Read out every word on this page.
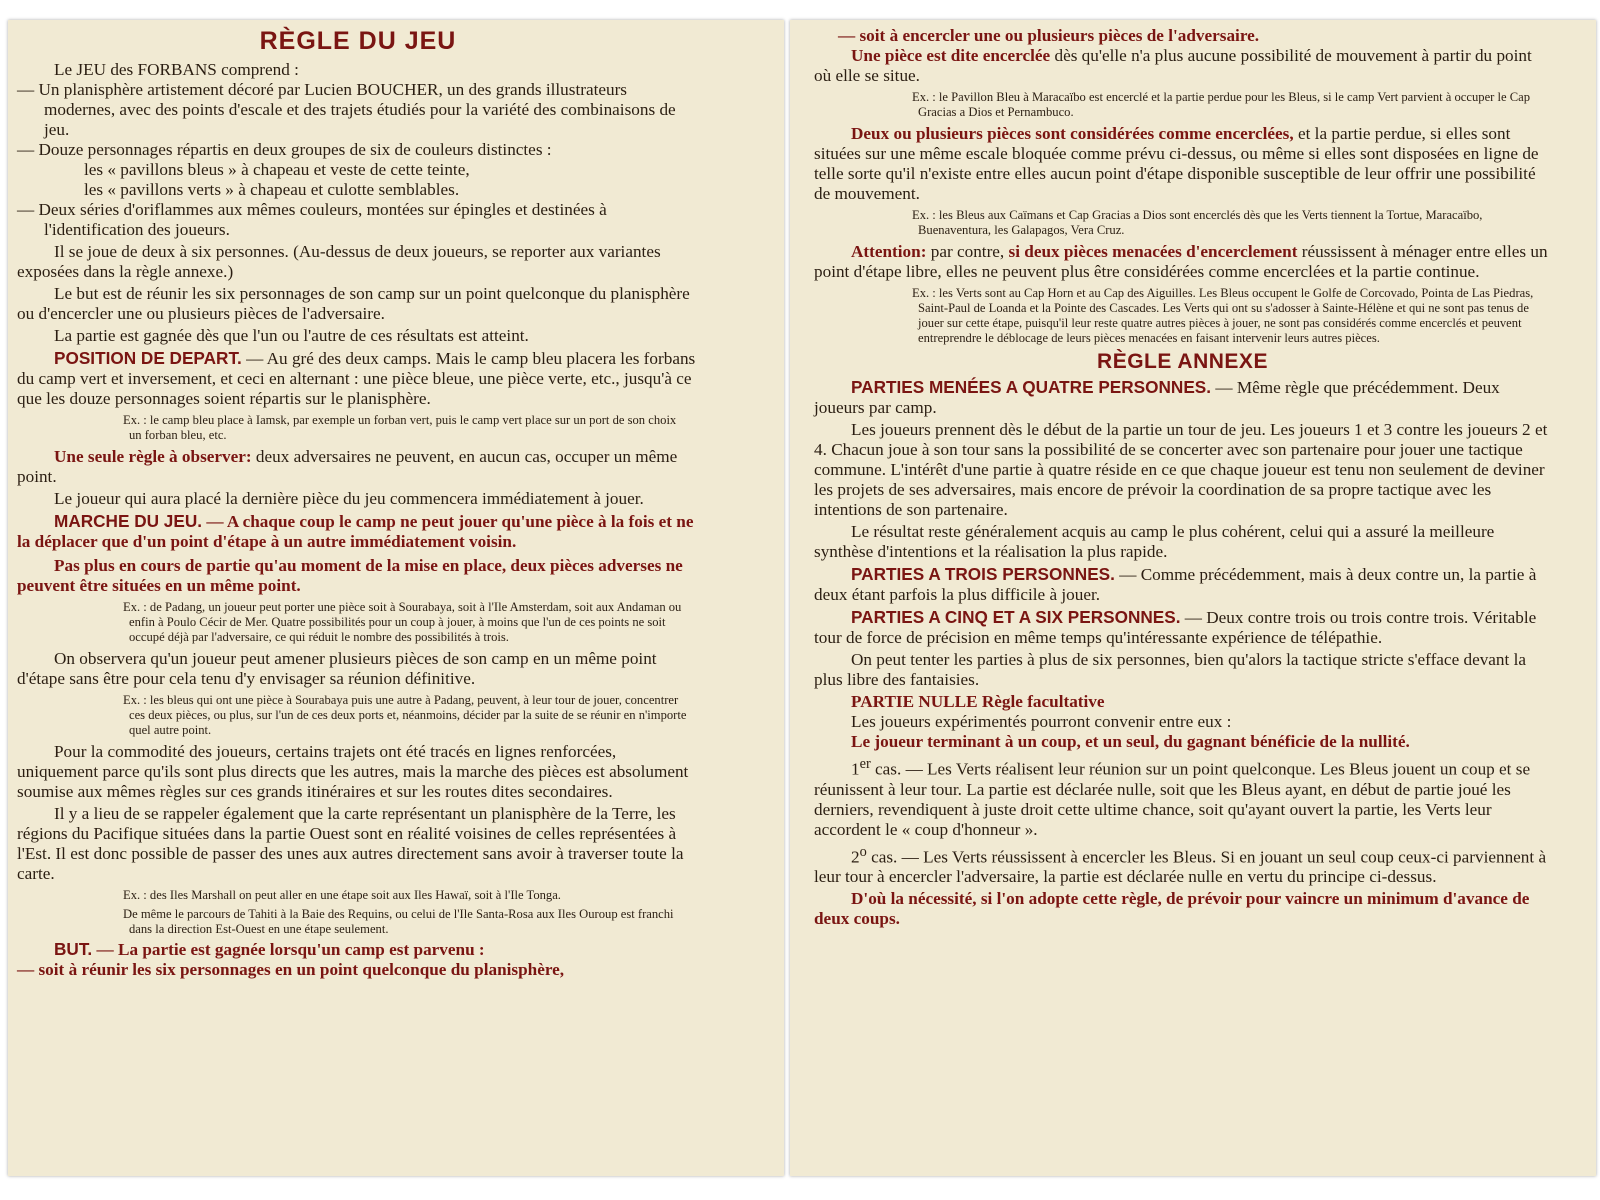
RÈGLE DU JEU

Le JEU des FORBANS comprend :

— Un planisphère artistement décoré par Lucien BOUCHER, un des grands illustrateurs modernes, avec des points d'escale et des trajets étudiés pour la variété des combinaisons de jeu.

— Douze personnages répartis en deux groupes de six de couleurs distinctes :

les « pavillons bleus » à chapeau et veste de cette teinte,

les « pavillons verts » à chapeau et culotte semblables.

— Deux séries d'oriflammes aux mêmes couleurs, montées sur épingles et destinées à l'identification des joueurs.

Il se joue de deux à six personnes. (Au-dessus de deux joueurs, se reporter aux variantes exposées dans la règle annexe.)

Le but est de réunir les six personnages de son camp sur un point quelconque du planisphère ou d'encercler une ou plusieurs pièces de l'adversaire.

La partie est gagnée dès que l'un ou l'autre de ces résultats est atteint.

POSITION DE DEPART. — Au gré des deux camps. Mais le camp bleu placera les forbans du camp vert et inversement, et ceci en alternant : une pièce bleue, une pièce verte, etc., jusqu'à ce que les douze personnages soient répartis sur le planisphère.

Ex. : le camp bleu place à Iamsk, par exemple un forban vert, puis le camp vert place sur un port de son choix un forban bleu, etc.

Une seule règle à observer: deux adversaires ne peuvent, en aucun cas, occuper un même point.

Le joueur qui aura placé la dernière pièce du jeu commencera immédiatement à jouer.

MARCHE DU JEU. — A chaque coup le camp ne peut jouer qu'une pièce à la fois et ne la déplacer que d'un point d'étape à un autre immédiatement voisin.

Pas plus en cours de partie qu'au moment de la mise en place, deux pièces adverses ne peuvent être situées en un même point.

Ex. : de Padang, un joueur peut porter une pièce soit à Sourabaya, soit à l'Ile Amsterdam, soit aux Andaman ou enfin à Poulo Cécir de Mer. Quatre possibilités pour un coup à jouer, à moins que l'un de ces points ne soit occupé déjà par l'adversaire, ce qui réduit le nombre des possibilités à trois.

On observera qu'un joueur peut amener plusieurs pièces de son camp en un même point d'étape sans être pour cela tenu d'y envisager sa réunion définitive.

Ex. : les bleus qui ont une pièce à Sourabaya puis une autre à Padang, peuvent, à leur tour de jouer, concentrer ces deux pièces, ou plus, sur l'un de ces deux ports et, néanmoins, décider par la suite de se réunir en n'importe quel autre point.

Pour la commodité des joueurs, certains trajets ont été tracés en lignes renforcées, uniquement parce qu'ils sont plus directs que les autres, mais la marche des pièces est absolument soumise aux mêmes règles sur ces grands itinéraires et sur les routes dites secondaires.

Il y a lieu de se rappeler également que la carte représentant un planisphère de la Terre, les régions du Pacifique situées dans la partie Ouest sont en réalité voisines de celles représentées à l'Est. Il est donc possible de passer des unes aux autres directement sans avoir à traverser toute la carte.

Ex. : des Iles Marshall on peut aller en une étape soit aux Iles Hawaï, soit à l'Ile Tonga.

De même le parcours de Tahiti à la Baie des Requins, ou celui de l'Ile Santa-Rosa aux Iles Ouroup est franchi dans la direction Est-Ouest en une étape seulement.

BUT. — La partie est gagnée lorsqu'un camp est parvenu :

— soit à réunir les six personnages en un point quelconque du planisphère,

— soit à encercler une ou plusieurs pièces de l'adversaire.

Une pièce est dite encerclée dès qu'elle n'a plus aucune possibilité de mouvement à partir du point où elle se situe.

Ex. : le Pavillon Bleu à Maracaïbo est encerclé et la partie perdue pour les Bleus, si le camp Vert parvient à occuper le Cap Gracias a Dios et Pernambuco.

Deux ou plusieurs pièces sont considérées comme encerclées, et la partie perdue, si elles sont situées sur une même escale bloquée comme prévu ci-dessus, ou même si elles sont disposées en ligne de telle sorte qu'il n'existe entre elles aucun point d'étape disponible susceptible de leur offrir une possibilité de mouvement.

Ex. : les Bleus aux Caïmans et Cap Gracias a Dios sont encerclés dès que les Verts tiennent la Tortue, Maracaïbo, Buenaventura, les Galapagos, Vera Cruz.

Attention: par contre, si deux pièces menacées d'encerclement réussissent à ménager entre elles un point d'étape libre, elles ne peuvent plus être considérées comme encerclées et la partie continue.

Ex. : les Verts sont au Cap Horn et au Cap des Aiguilles. Les Bleus occupent le Golfe de Corcovado, Pointa de Las Piedras, Saint-Paul de Loanda et la Pointe des Cascades. Les Verts qui ont su s'adosser à Sainte-Hélène et qui ne sont pas tenus de jouer sur cette étape, puisqu'il leur reste quatre autres pièces à jouer, ne sont pas considérés comme encerclés et peuvent entreprendre le déblocage de leurs pièces menacées en faisant intervenir leurs autres pièces.

RÈGLE ANNEXE

PARTIES MENÉES A QUATRE PERSONNES. — Même règle que précédemment. Deux joueurs par camp.

Les joueurs prennent dès le début de la partie un tour de jeu. Les joueurs 1 et 3 contre les joueurs 2 et 4. Chacun joue à son tour sans la possibilité de se concerter avec son partenaire pour jouer une tactique commune. L'intérêt d'une partie à quatre réside en ce que chaque joueur est tenu non seulement de deviner les projets de ses adversaires, mais encore de prévoir la coordination de sa propre tactique avec les intentions de son partenaire.

Le résultat reste généralement acquis au camp le plus cohérent, celui qui a assuré la meilleure synthèse d'intentions et la réalisation la plus rapide.

PARTIES A TROIS PERSONNES. — Comme précédemment, mais à deux contre un, la partie à deux étant parfois la plus difficile à jouer.

PARTIES A CINQ ET A SIX PERSONNES. — Deux contre trois ou trois contre trois. Véritable tour de force de précision en même temps qu'intéressante expérience de télépathie.

On peut tenter les parties à plus de six personnes, bien qu'alors la tactique stricte s'efface devant la plus libre des fantaisies.

PARTIE NULLE Règle facultative

Les joueurs expérimentés pourront convenir entre eux :

Le joueur terminant à un coup, et un seul, du gagnant bénéficie de la nullité.

1er cas. — Les Verts réalisent leur réunion sur un point quelconque. Les Bleus jouent un coup et se réunissent à leur tour. La partie est déclarée nulle, soit que les Bleus ayant, en début de partie joué les derniers, revendiquent à juste droit cette ultime chance, soit qu'ayant ouvert la partie, les Verts leur accordent le « coup d'honneur ».

2$^o$ cas. — Les Verts réussissent à encercler les Bleus. Si en jouant un seul coup ceux-ci parviennent à leur tour à encercler l'adversaire, la partie est déclarée nulle en vertu du principe ci-dessus.

D'où la nécessité, si l'on adopte cette règle, de prévoir pour vaincre un minimum d'avance de deux coups.
